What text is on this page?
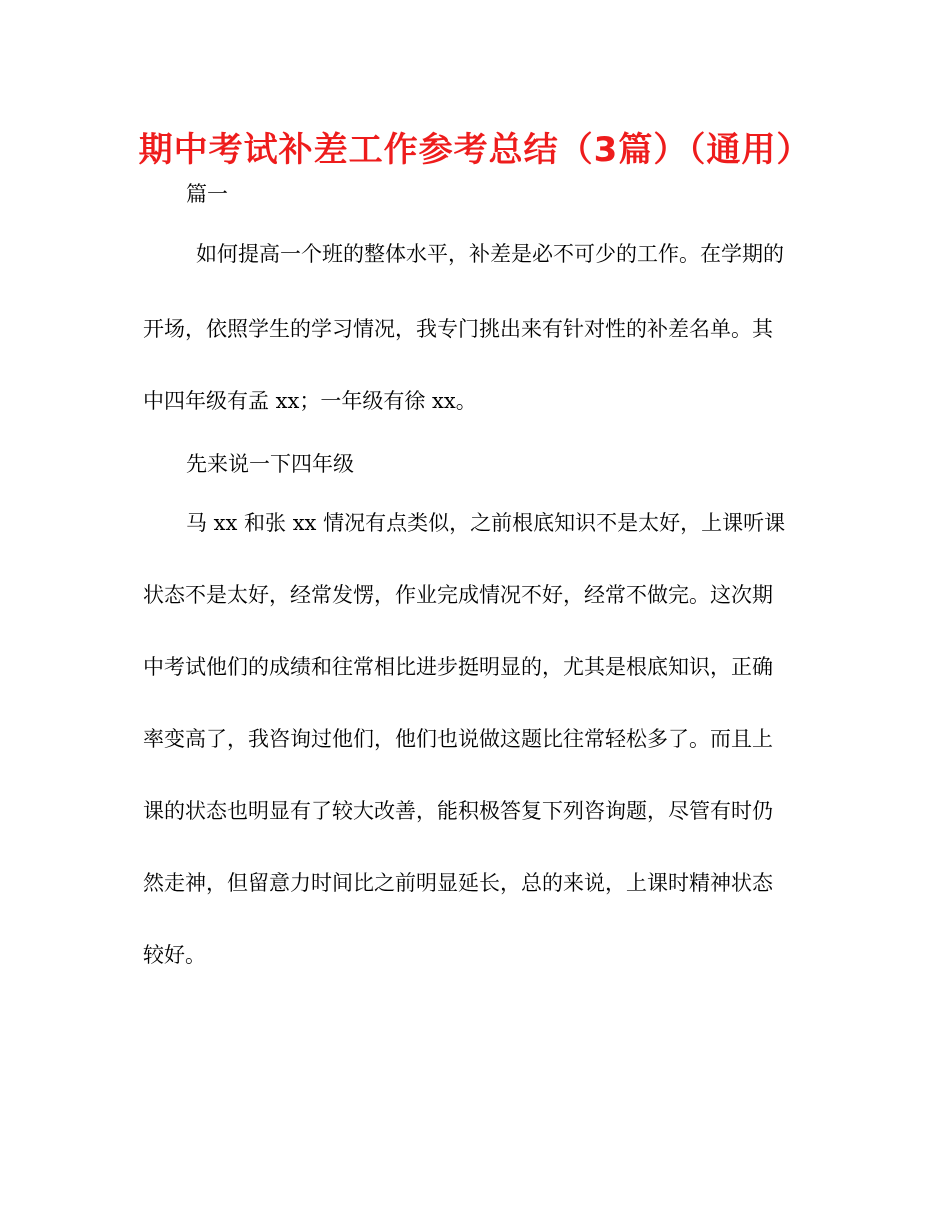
期中考试补差工作参考总结（3篇）（通用）
篇一
如何提高一个班的整体水平，补差是必不可少的工作。在学期的
开场，依照学生的学习情况，我专门挑出来有针对性的补差名单。其
中四年级有孟 xx；一年级有徐 xx。
先来说一下四年级
马 xx 和张 xx 情况有点类似，之前根底知识不是太好，上课听课
状态不是太好，经常发愣，作业完成情况不好，经常不做完。这次期
中考试他们的成绩和往常相比进步挺明显的，尤其是根底知识，正确
率变高了，我咨询过他们，他们也说做这题比往常轻松多了。而且上
课的状态也明显有了较大改善，能积极答复下列咨询题，尽管有时仍
然走神，但留意力时间比之前明显延长，总的来说，上课时精神状态
较好。
